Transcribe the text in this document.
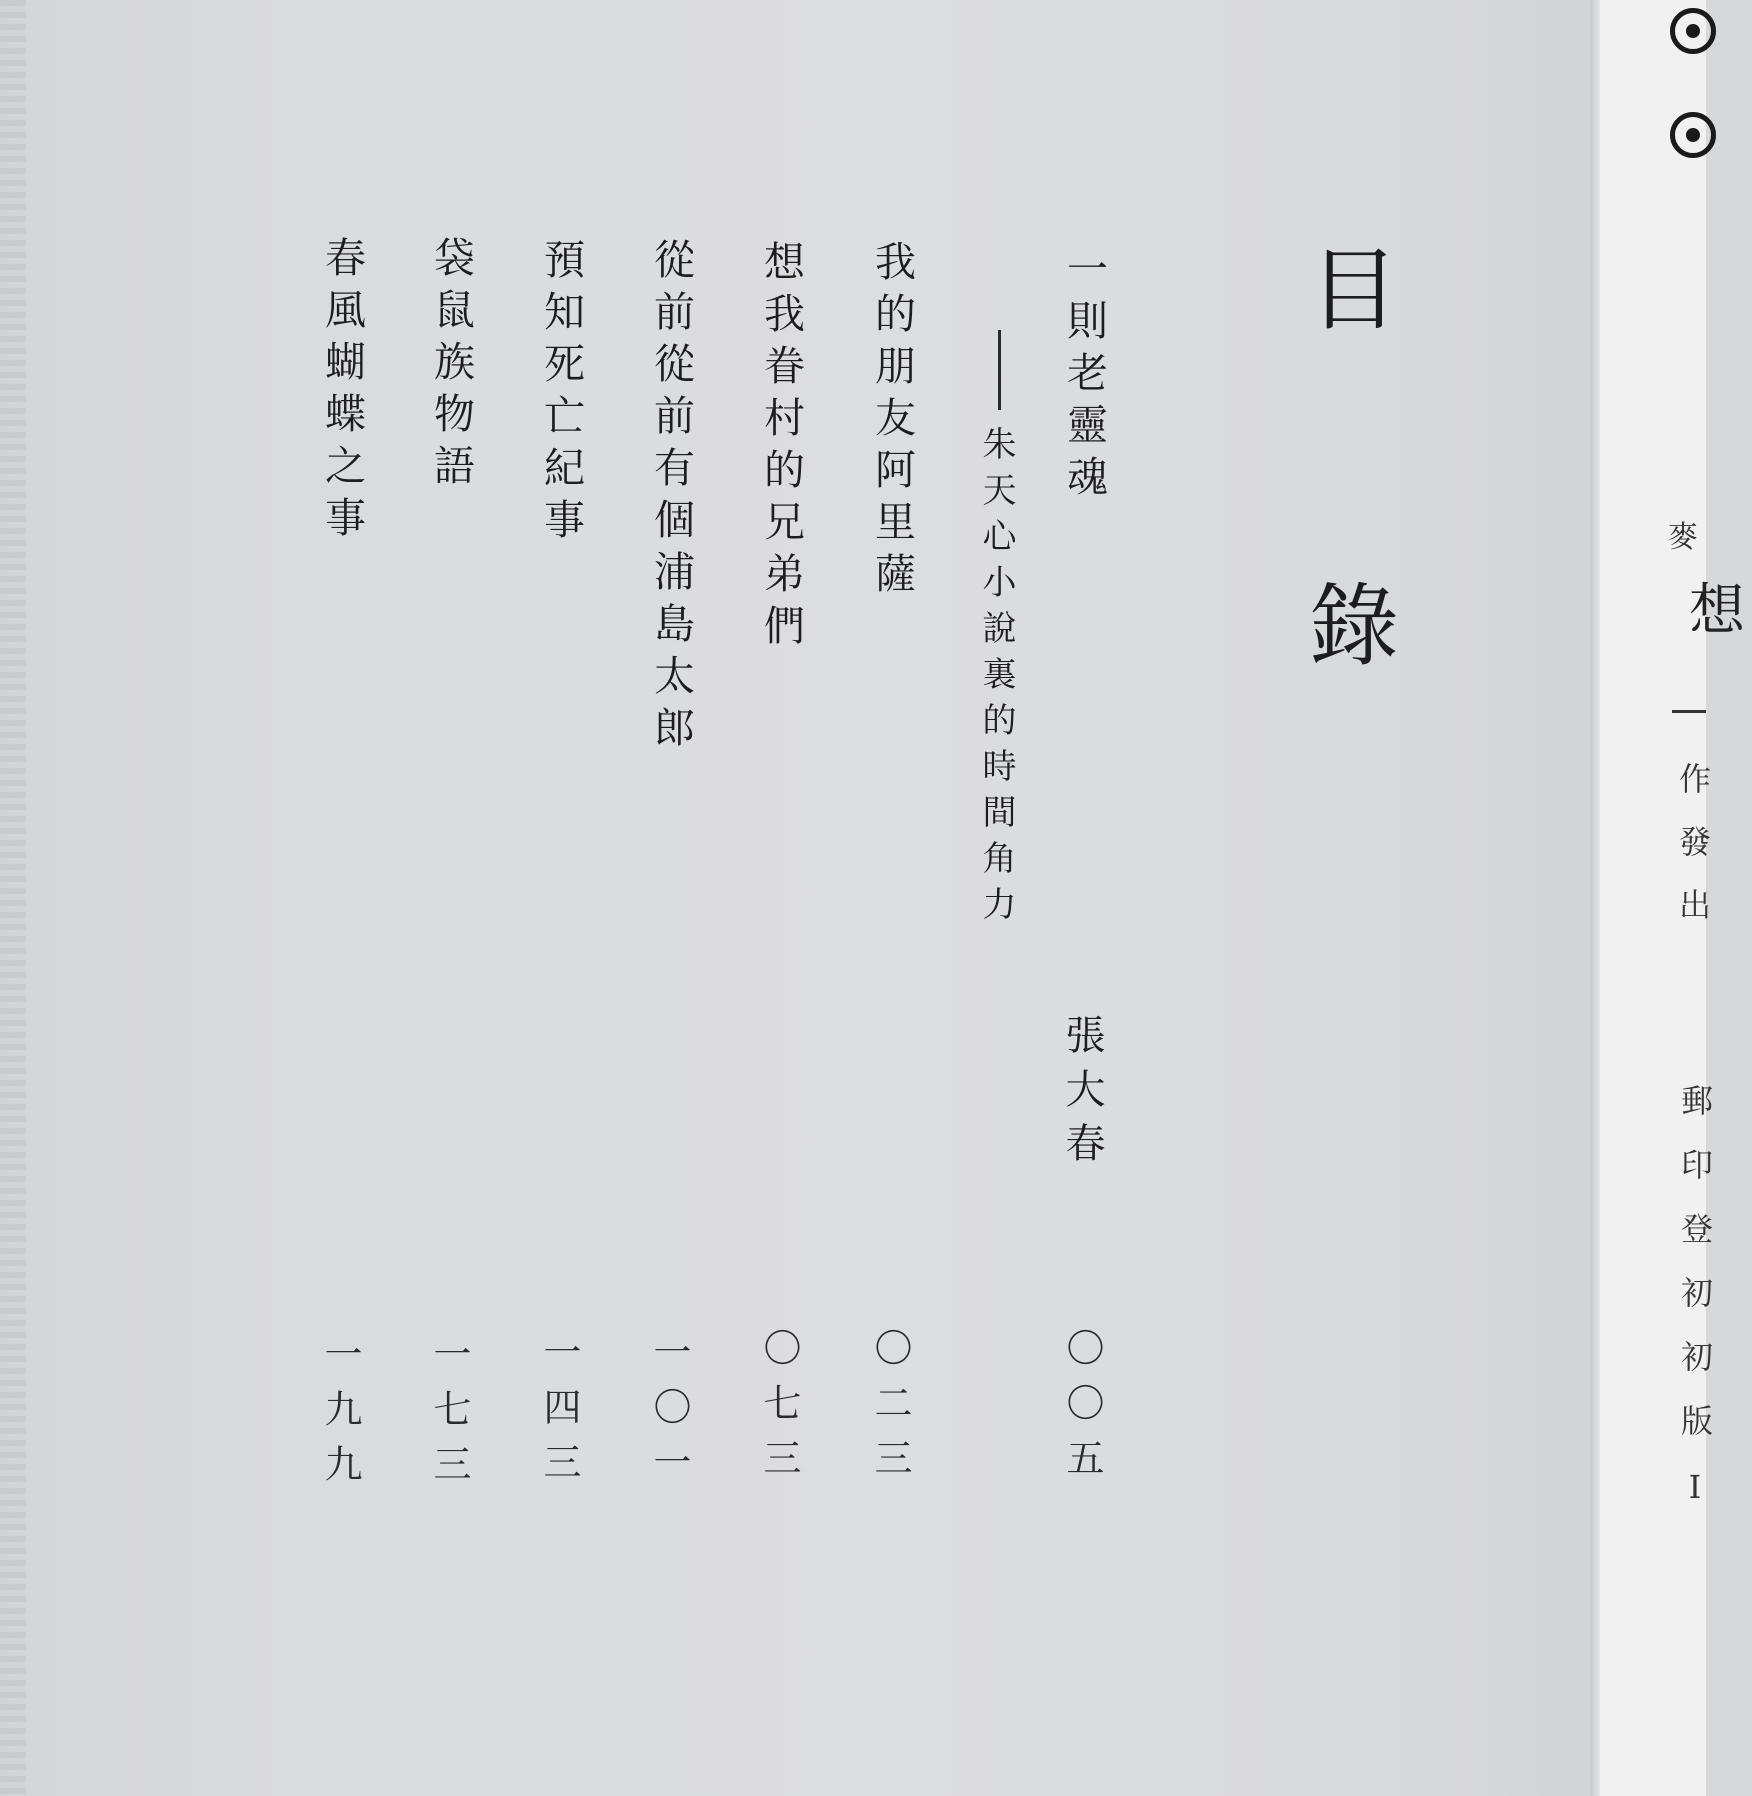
目錄
一則老靈魂
張大春
〇〇五
朱天心小說裏的時間角力
我的朋友阿里薩
〇二三
想我眷村的兄弟們
〇七三
從前從前有個浦島太郎
一〇一
預知死亡紀事
一四三
袋鼠族物語
一七三
春風蝴蝶之事
一九九
麥
想
作發出
郵印登初初版I
